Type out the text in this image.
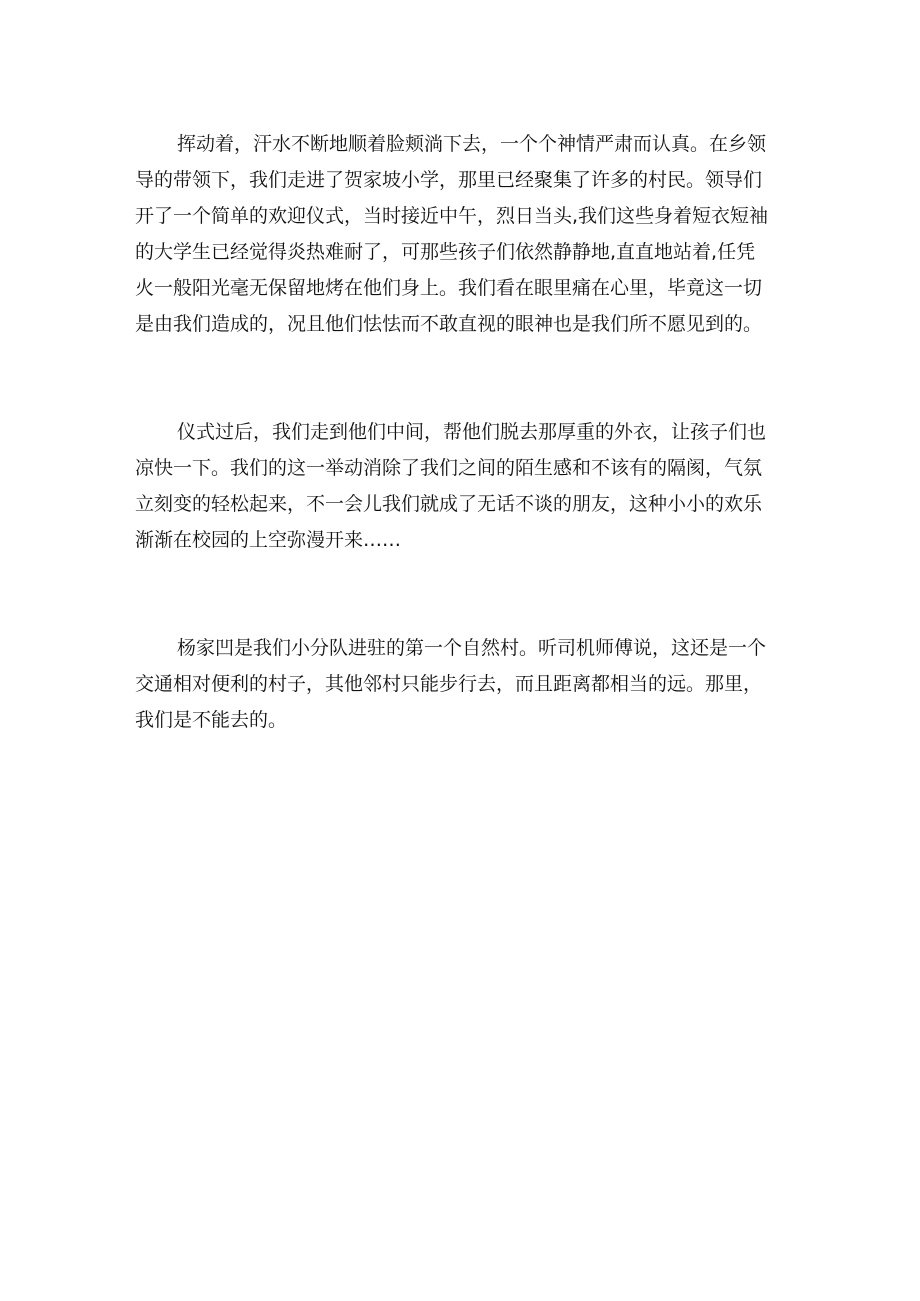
挥动着，汗水不断地顺着脸颊淌下去，一个个神情严肃而认真。在乡领
导的带领下，我们走进了贺家坡小学，那里已经聚集了许多的村民。领导们
开了一个简单的欢迎仪式，当时接近中午，烈日当头,我们这些身着短衣短袖
的大学生已经觉得炎热难耐了，可那些孩子们依然静静地,直直地站着,任凭
火一般阳光毫无保留地烤在他们身上。我们看在眼里痛在心里，毕竟这一切
是由我们造成的，况且他们怯怯而不敢直视的眼神也是我们所不愿见到的。

仪式过后，我们走到他们中间，帮他们脱去那厚重的外衣，让孩子们也
凉快一下。我们的这一举动消除了我们之间的陌生感和不该有的隔阂，气氛
立刻变的轻松起来，不一会儿我们就成了无话不谈的朋友，这种小小的欢乐
渐渐在校园的上空弥漫开来……

杨家凹是我们小分队进驻的第一个自然村。听司机师傅说，这还是一个
交通相对便利的村子，其他邻村只能步行去，而且距离都相当的远。那里，
我们是不能去的。
